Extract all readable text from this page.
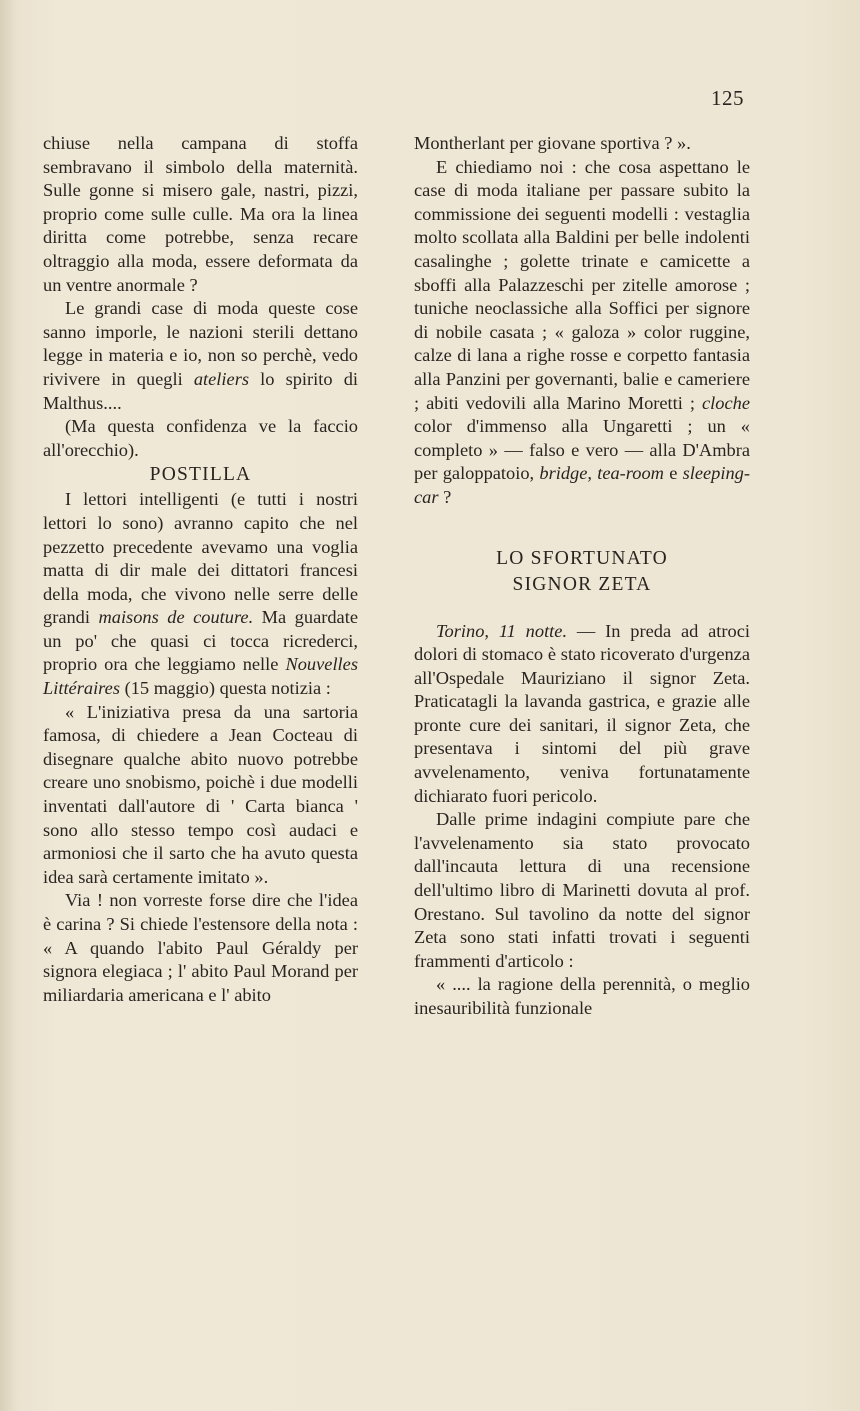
125

chiuse nella campana di stoffa sembravano il simbolo della maternità. Sulle gonne si misero gale, nastri, pizzi, proprio come sulle culle. Ma ora la linea diritta come potrebbe, senza recare oltraggio alla moda, essere deformata da un ventre anormale ?

Le grandi case di moda queste cose sanno imporle, le nazioni sterili dettano legge in materia e io, non so perchè, vedo rivivere in quegli ateliers lo spirito di Malthus....

(Ma questa confidenza ve la faccio all'orecchio).

POSTILLA

I lettori intelligenti (e tutti i nostri lettori lo sono) avranno capito che nel pezzetto precedente avevamo una voglia matta di dir male dei dittatori francesi della moda, che vivono nelle serre delle grandi maisons de couture. Ma guardate un po' che quasi ci tocca ricrederci, proprio ora che leggiamo nelle Nouvelles Littéraires (15 maggio) questa notizia :

« L'iniziativa presa da una sartoria famosa, di chiedere a Jean Cocteau di disegnare qualche abito nuovo potrebbe creare uno snobismo, poichè i due modelli inventati dall'autore di ' Carta bianca ' sono allo stesso tempo così audaci e armoniosi che il sarto che ha avuto questa idea sarà certamente imitato ».

Via ! non vorreste forse dire che l'idea è carina ? Si chiede l'estensore della nota : « A quando l'abito Paul Géraldy per signora elegiaca ; l' abito Paul Morand per miliardaria americana e l' abito

Montherlant per giovane sportiva ? ».

E chiediamo noi : che cosa aspettano le case di moda italiane per passare subito la commissione dei seguenti modelli : vestaglia molto scollata alla Baldini per belle indolenti casalinghe ; golette trinate e camicette a sboffi alla Palazzeschi per zitelle amorose ; tuniche neoclassiche alla Soffici per signore di nobile casata ; « galoza » color ruggine, calze di lana a righe rosse e corpetto fantasia alla Panzini per governanti, balie e cameriere ; abiti vedovili alla Marino Moretti ; cloche color d'immenso alla Ungaretti ; un « completo » — falso e vero — alla D'Ambra per galoppatoio, bridge, tea-room e sleeping-car ?

LO SFORTUNATO
SIGNOR ZETA

Torino, 11 notte. — In preda ad atroci dolori di stomaco è stato ricoverato d'urgenza all'Ospedale Mauriziano il signor Zeta. Praticatagli la lavanda gastrica, e grazie alle pronte cure dei sanitari, il signor Zeta, che presentava i sintomi del più grave avvelenamento, veniva fortunatamente dichiarato fuori pericolo.

Dalle prime indagini compiute pare che l'avvelenamento sia stato provocato dall'incauta lettura di una recensione dell'ultimo libro di Marinetti dovuta al prof. Orestano. Sul tavolino da notte del signor Zeta sono stati infatti trovati i seguenti frammenti d'articolo :

« .... la ragione della perennità, o meglio inesauribilità funzionale
